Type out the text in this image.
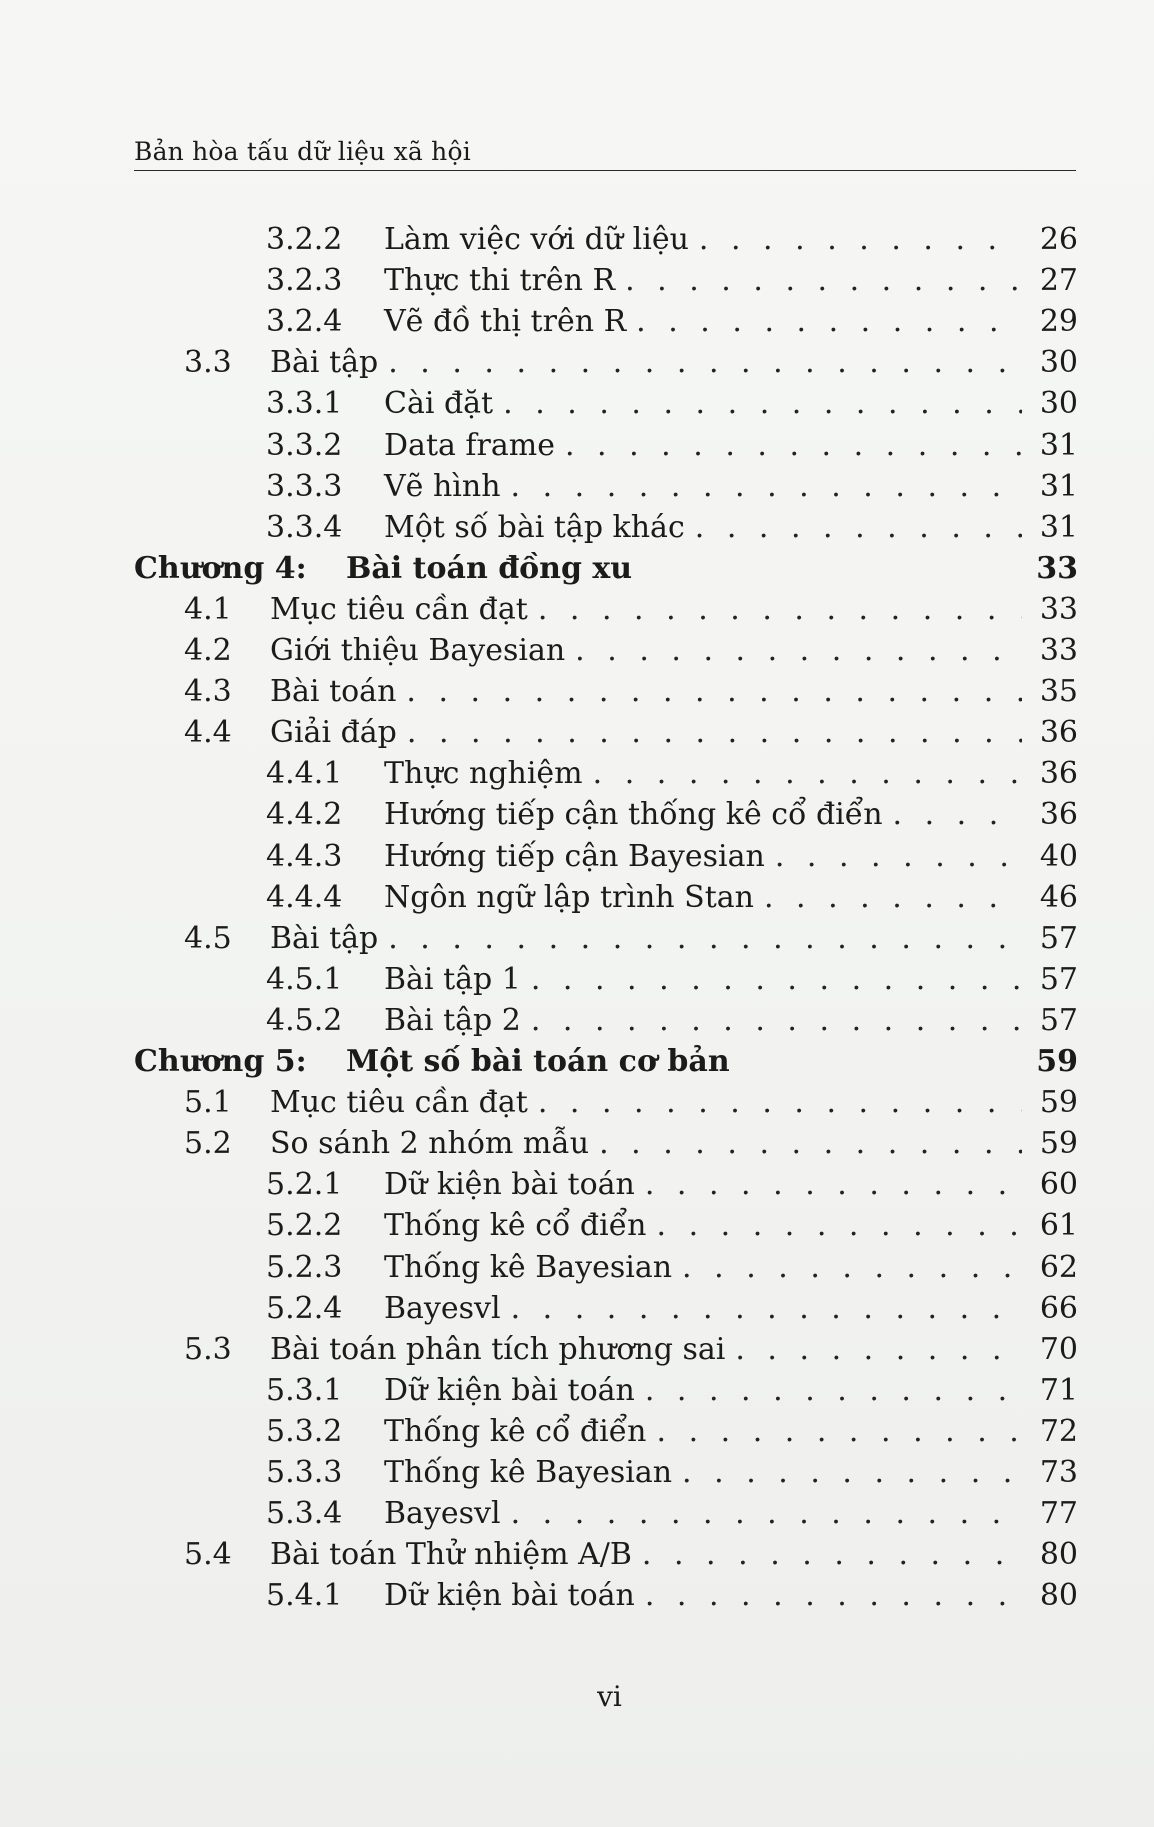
Bản hòa tấu dữ liệu xã hội
3.2.2	Làm việc với dữ liệu . . .	26
3.2.3	Thực thi trên R . . .	27
3.2.4	Vẽ đồ thị trên R . . .	29
3.3	Bài tập . . .	30
3.3.1	Cài đặt . . .	30
3.3.2	Data frame . . .	31
3.3.3	Vẽ hình . . .	31
3.3.4	Một số bài tập khác . . .	31
Chương 4:	Bài toán đồng xu	33
4.1	Mục tiêu cần đạt . . .	33
4.2	Giới thiệu Bayesian . . .	33
4.3	Bài toán . . .	35
4.4	Giải đáp . . .	36
4.4.1	Thực nghiệm . . .	36
4.4.2	Hướng tiếp cận thống kê cổ điển . . .	36
4.4.3	Hướng tiếp cận Bayesian . . .	40
4.4.4	Ngôn ngữ lập trình Stan . . .	46
4.5	Bài tập . . .	57
4.5.1	Bài tập 1 . . .	57
4.5.2	Bài tập 2 . . .	57
Chương 5:	Một số bài toán cơ bản	59
5.1	Mục tiêu cần đạt . . .	59
5.2	So sánh 2 nhóm mẫu . . .	59
5.2.1	Dữ kiện bài toán . . .	60
5.2.2	Thống kê cổ điển . . .	61
5.2.3	Thống kê Bayesian . . .	62
5.2.4	Bayesvl . . .	66
5.3	Bài toán phân tích phương sai . . .	70
5.3.1	Dữ kiện bài toán . . .	71
5.3.2	Thống kê cổ điển . . .	72
5.3.3	Thống kê Bayesian . . .	73
5.3.4	Bayesvl . . .	77
5.4	Bài toán Thử nhiệm A/B . . .	80
5.4.1	Dữ kiện bài toán . . .	80
vi
